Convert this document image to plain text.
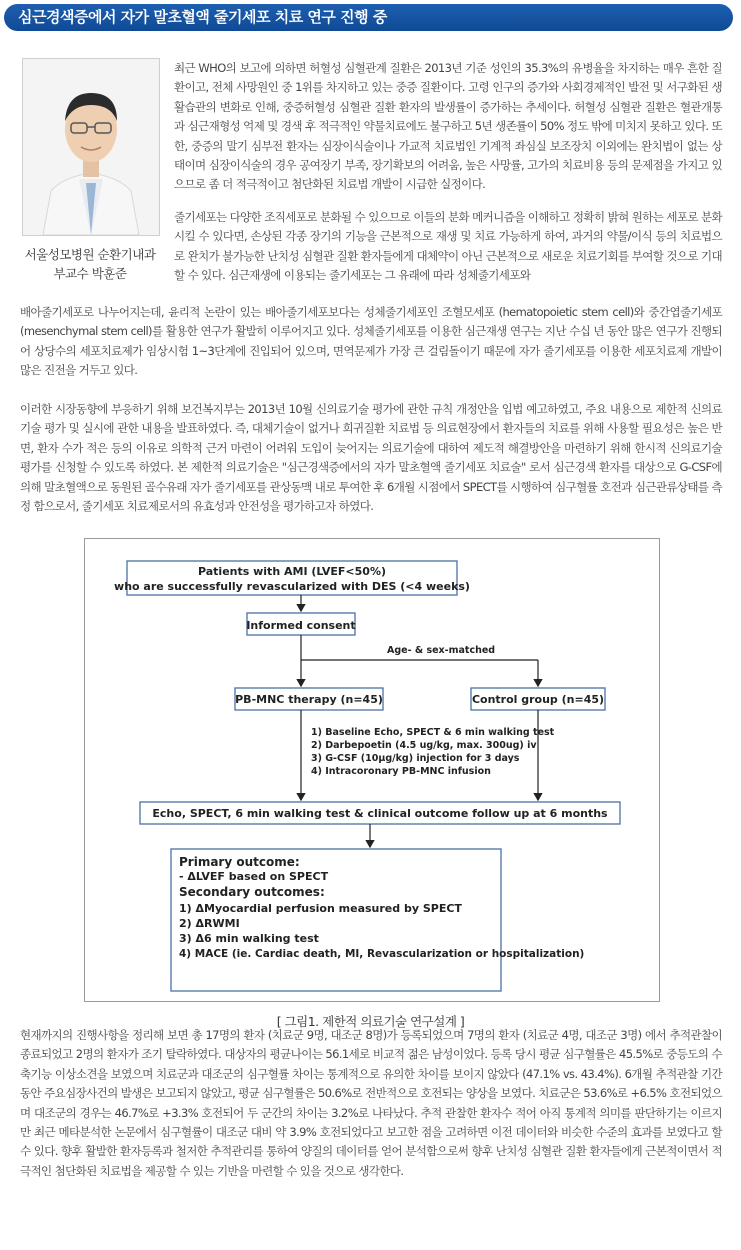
심근경색증에서 자가 말초혈액 줄기세포 치료 연구 진행 중
서울성모병원 순환기내과
부교수 박훈준

최근 WHO의 보고에 의하면 허혈성 심혈관계 질환은 2013년 기준 성인의 35.3%의 유병율을 차지하는 매우 흔한 질환이고, 전체 사망원인 중 1위를 차지하고 있는 중증 질환이다. 고령 인구의 증가와 사회경제적인 발전 및 서구화된 생활습관의 변화로 인해, 중증허혈성 심혈관 질환 환자의 발생률이 증가하는 추세이다. 허혈성 심혈관 질환은 혈관개통과 심근재형성 억제 및 경색 후 적극적인 약물치료에도 불구하고 5년 생존률이 50% 정도 밖에 미치지 못하고 있다. 또한, 중증의 말기 심부전 환자는 심장이식술이나 가교적 치료법인 기계적 좌심실 보조장치 이외에는 완치법이 없는 상태이며 심장이식술의 경우 공여장기 부족, 장기확보의 어려움, 높은 사망률, 고가의 치료비용 등의 문제점을 가지고 있으므로 좀 더 적극적이고 첨단화된 치료법 개발이 시급한 실정이다.

줄기세포는 다양한 조직세포로 분화될 수 있으므로 이들의 분화 메커니즘을 이해하고 정확히 밝혀 원하는 세포로 분화시킬 수 있다면, 손상된 각종 장기의 기능을 근본적으로 재생 및 치료 가능하게 하여, 과거의 약물/이식 등의 치료법으로 완치가 불가능한 난치성 심혈관 질환 환자들에게 대체약이 아닌 근본적으로 새로운 치료기회를 부여할 것으로 기대할 수 있다. 심근재생에 이용되는 줄기세포는 그 유래에 따라 성체줄기세포와

배아줄기세포로 나누어지는데, 윤리적 논란이 있는 배아줄기세포보다는 성체줄기세포인 조혈모세포 (hematopoietic stem cell)와 중간엽줄기세포(mesenchymal stem cell)를 활용한 연구가 활발히 이루어지고 있다. 성체줄기세포를 이용한 심근재생 연구는 지난 수십 년 동안 많은 연구가 진행되어 상당수의 세포치료제가 임상시험 1~3단계에 진입되어 있으며, 면역문제가 가장 큰 걸림돌이기 때문에 자가 줄기세포를 이용한 세포치료제 개발이 많은 진전을 거두고 있다.

이러한 시장동향에 부응하기 위해 보건복지부는 2013년 10월 신의료기술 평가에 관한 규칙 개정안을 입법 예고하였고, 주요 내용으로 제한적 신의료 기술 평가 및 실시에 관한 내용을 발표하였다. 즉, 대체기술이 없거나 희귀질환 치료법 등 의료현장에서 환자들의 치료를 위해 사용할 필요성은 높은 반면, 환자 수가 적은 등의 이유로 의학적 근거 마련이 어려워 도입이 늦어지는 의료기술에 대하여 제도적 해결방안을 마련하기 위해 한시적 신의료기술 평가를 신청할 수 있도록 하였다. 본 제한적 의료기술은 "심근경색증에서의 자가 말초혈액 줄기세포 치료술" 로서 심근경색 환자를 대상으로 G-CSF에 의해 말초혈액으로 동원된 골수유래 자가 줄기세포를 관상동맥 내로 투여한 후 6개월 시점에서 SPECT를 시행하여 심구혈률 호전과 심근관류상태를 측정 함으로서, 줄기세포 치료제로서의 유효성과 안전성을 평가하고자 하였다.

Patients with AMI (LVEF<50%)
who are successfully revascularized with DES (<4 weeks)
Informed consent
PB-MNC therapy (n=45)	Control group (n=45)
Echo, SPECT, 6 min walking test & clinical outcome follow up at 6 months
Age- & sex-matched
1) Baseline Echo, SPECT & 6 min walking test
2) Darbepoetin (4.5 ug/kg, max. 300ug) iv
3) G-CSF (10μg/kg) injection for 3 days
4) Intracoronary PB-MNC infusion
Primary outcome:
- ΔLVEF based on SPECT
Secondary outcomes:
1) ΔMyocardial perfusion measured by SPECT
2) ΔRWMI
3) Δ6 min walking test
4) MACE (ie. Cardiac death, MI, Revascularization or hospitalization)
[ 그림1. 제한적 의료기술 연구설계 ]

현재까지의 진행사항을 정리해 보면 총 17명의 환자 (치료군 9명, 대조군 8명)가 등록되었으며 7명의 환자 (치료군 4명, 대조군 3명) 에서 추적관찰이 종료되었고 2명의 환자가 조기 탈락하였다. 대상자의 평균나이는 56.1세로 비교적 젊은 남성이었다. 등록 당시 평균 심구혈률은 45.5%로 중등도의 수축기능 이상소견을 보였으며 치료군과 대조군의 심구혈률 차이는 통계적으로 유의한 차이를 보이지 않았다 (47.1% vs. 43.4%). 6개월 추적관찰 기간 동안 주요심장사건의 발생은 보고되지 않았고, 평균 심구혈률은 50.6%로 전반적으로 호전되는 양상을 보였다. 치료군은 53.6%로 +6.5% 호전되었으며 대조군의 경우는 46.7%로 +3.3% 호전되어 두 군간의 차이는 3.2%로 나타났다. 추적 관찰한 환자수 적어 아직 통계적 의미를 판단하기는 이르지만 최근 메타분석한 논문에서 심구혈률이 대조군 대비 약 3.9% 호전되었다고 보고한 점을 고려하면 이전 데이터와 비슷한 수준의 효과를 보였다고 할 수 있다. 향후 활발한 환자등록과 철저한 추적관리를 통하여 양질의 데이터를 얻어 분석함으로써 향후 난치성 심혈관 질환 환자들에게 근본적이면서 적극적인 첨단화된 치료법을 제공할 수 있는 기반을 마련할 수 있을 것으로 생각한다.
